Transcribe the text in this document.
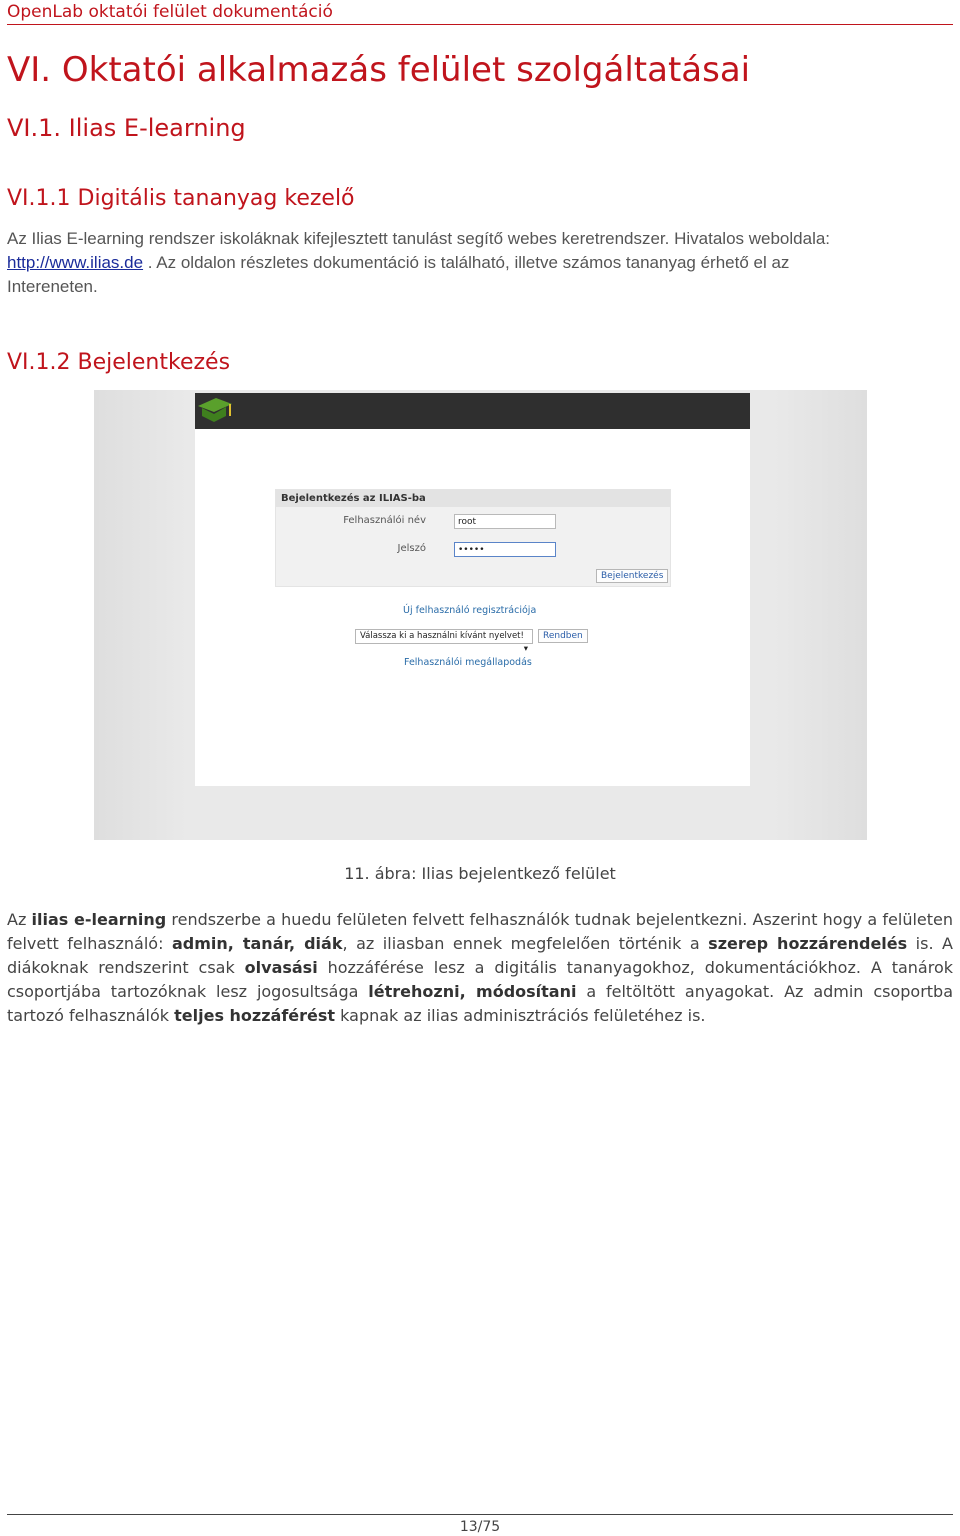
OpenLab oktatói felület dokumentáció
VI. Oktatói alkalmazás felület szolgáltatásai
VI.1. Ilias E-learning
VI.1.1 Digitális tananyag kezelő
Az Ilias E-learning rendszer iskoláknak kifejlesztett tanulást segítő webes keretrendszer. Hivatalos weboldala:
http://www.ilias.de . Az oldalon részletes dokumentáció is található, illetve számos tananyag érhető el az
Intereneten.
VI.1.2 Bejelentkezés
Bejelentkezés az ILIAS-ba
Felhasználói név	root
Jelszó	•••••
Bejelentkezés
Új felhasználó regisztrációja
Válassza ki a használni kívánt nyelvet!
▾
Rendben
Felhasználói megállapodás
11. ábra: Ilias bejelentkező felület
Az ilias e-learning rendszerbe a huedu felületen felvett felhasználók tudnak bejelentkezni. Aszerint hogy a felületen felvett felhasználó: admin, tanár, diák, az iliasban ennek megfelelően történik a szerep hozzárendelés is. A diákoknak rendszerint csak olvasási hozzáférése lesz a digitális tananyagokhoz, dokumentációkhoz. A tanárok csoportjába tartozóknak lesz jogosultsága létrehozni, módosítani a feltöltött anyagokat. Az admin csoportba tartozó felhasználók teljes hozzáférést kapnak az ilias adminisztrációs felületéhez is.
13/75
